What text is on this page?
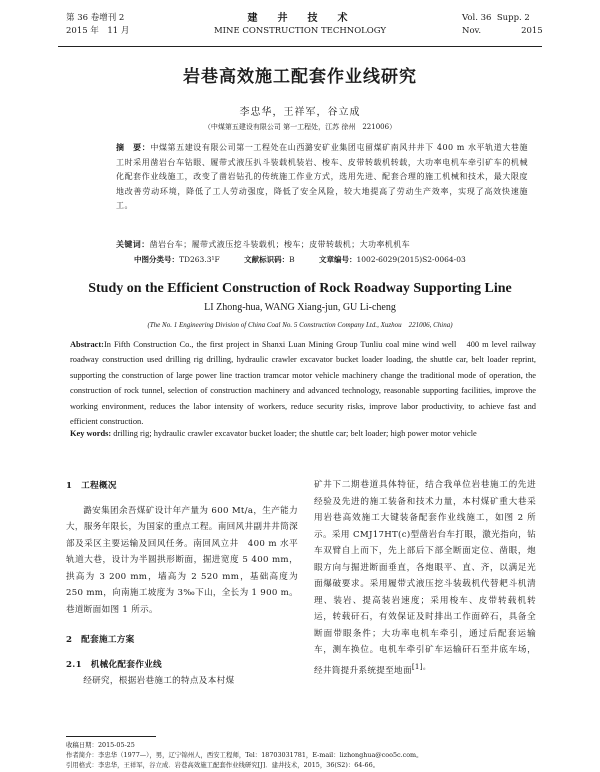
第 36 卷增刊 2
2015 年　11 月
建　井　技　术
MINE CONSTRUCTION TECHNOLOGY
Vol. 36 Supp. 2
Nov.	2015
岩巷高效施工配套作业线研究
李忠华，王祥军，谷立成
（中煤第五建设有限公司 第一工程处，江苏 徐州　221006）
摘　要：中煤第五建设有限公司第一工程处在山西潞安矿业集团屯留煤矿南风井井下 400 m 水平轨道大巷施工时采用凿岩台车钻眼、履带式液压扒斗装载机装岩、梭车、皮带转载机转载，大功率电机车牵引矿车的机械化配套作业线施工，改变了凿岩钻孔的传统施工作业方式，选用先进、配套合理的施工机械和技术，最大限度地改善劳动环境，降低了工人劳动强度，降低了安全风险，较大地提高了劳动生产效率，实现了高效快速施工。
关键词：凿岩台车；履带式液压挖斗装载机；梭车；皮带转载机；大功率机机车
中图分类号：TD263.3¹F	文献标识码：B	文章编号：1002-6029(2015)S2-0064-03
Study on the Efficient Construction of Rock Roadway Supporting Line
LI Zhong-hua, WANG Xiang-jun, GU Li-cheng
(The No. 1 Engineering Division of China Coal No. 5 Construction Company Ltd., Xuzhou　221006, China)
Abstract:In Fifth Construction Co., the first project in Shanxi Luan Mining Group Tunliu coal mine wind well　400 m level railway roadway construction used drilling rig drilling, hydraulic crawler excavator bucket loader loading, the shuttle car, belt loader reprint, supporting the construction of large power line traction tramcar motor vehicle machinery change the traditional mode of operation, the construction of rock tunnel, selection of construction machinery and advanced technology, reasonable supporting facilities, improve the working environment, reduces the labor intensity of workers, reduce security risks, improve labor productivity, to achieve fast and efficient construction.
Key words: drilling rig; hydraulic crawler excavator bucket loader; the shuttle car; belt loader; high power motor vehicle

1　工程概况

潞安集团余吾煤矿设计年产量为 600 Mt/a，生产能力大，服务年限长，为国家的重点工程。南回风井副井井筒深部及采区主要运输及回风任务。南回风立井　400 m 水平轨道大巷，设计为半圆拱形断面，掘进宽度 5 400 mm，拱高为 3 200 mm，墙高为 2 520 mm，基础高度为 250 mm，向南施工坡度为 3‰下山，全长为 1 900 m。巷道断面如图 1 所示。

2　配套施工方案

2.1　机械化配套作业线

经研究，根据岩巷施工的特点及本村煤

矿井下二期巷道具体特征，结合我单位岩巷施工的先进经验及先进的施工装备和技术力量，本村煤矿重大巷采用岩巷高效施工大键装备配套作业线施工，如图 2 所示。采用 CMJ17HT(c)型凿岩台车打眼，激光指向，钻车双臂自上而下，先上部后下部全断面定位、凿眼，炮眼方向与掘进断面垂直，各炮眼平、直、齐，以满足光面爆破要求。采用履带式液压挖斗装载机代替耙斗机清理、装岩、提高装岩速度；采用梭车、皮带转载机转运，转载矸石，有效保证及时排出工作面碎石，具备全断面带眼条件；大功率电机车牵引，通过后配套运输车，测车换位。电机车牵引矿车运输矸石至井底车场，经井筒提升系统提至地面$^{[1]。}$

收稿日期：2015-05-25
作者简介：李忠华（1977—），男，辽宁锦州人，西安工程师，Tel：18703031781，E-mail：lizhonghua@coo5c.com。
引用格式：李忠华，王祥军，谷立成．岩巷高效施工配套作业线研究[J]．建井技术，2015，36(S2)：64-66。
